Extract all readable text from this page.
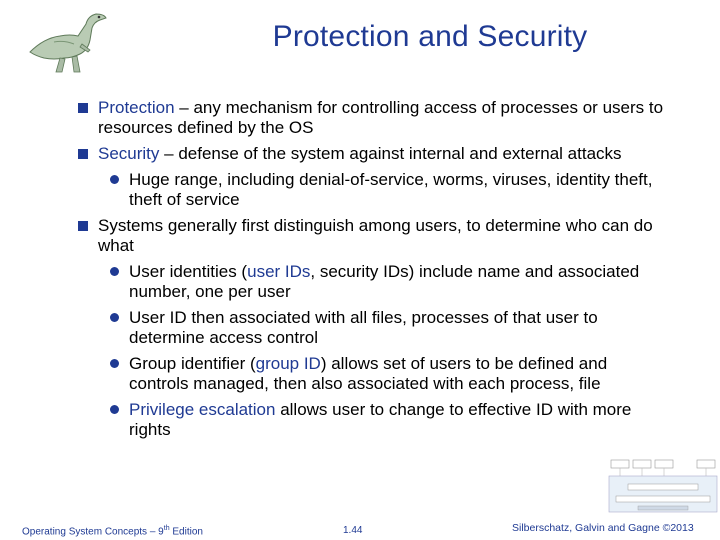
Protection and Security
Protection – any mechanism for controlling access of processes or users to resources defined by the OS
Security – defense of the system against internal and external attacks
Huge range, including denial-of-service, worms, viruses, identity theft, theft of service
Systems generally first distinguish among users, to determine who can do what
User identities (user IDs, security IDs) include name and associated number, one per user
User ID then associated with all files, processes of that user to determine access control
Group identifier (group ID) allows set of users to be defined and controls managed, then also associated with each process, file
Privilege escalation allows user to change to effective ID with more rights
Operating System Concepts – 9th Edition	1.44	Silberschatz, Galvin and Gagne ©2013
